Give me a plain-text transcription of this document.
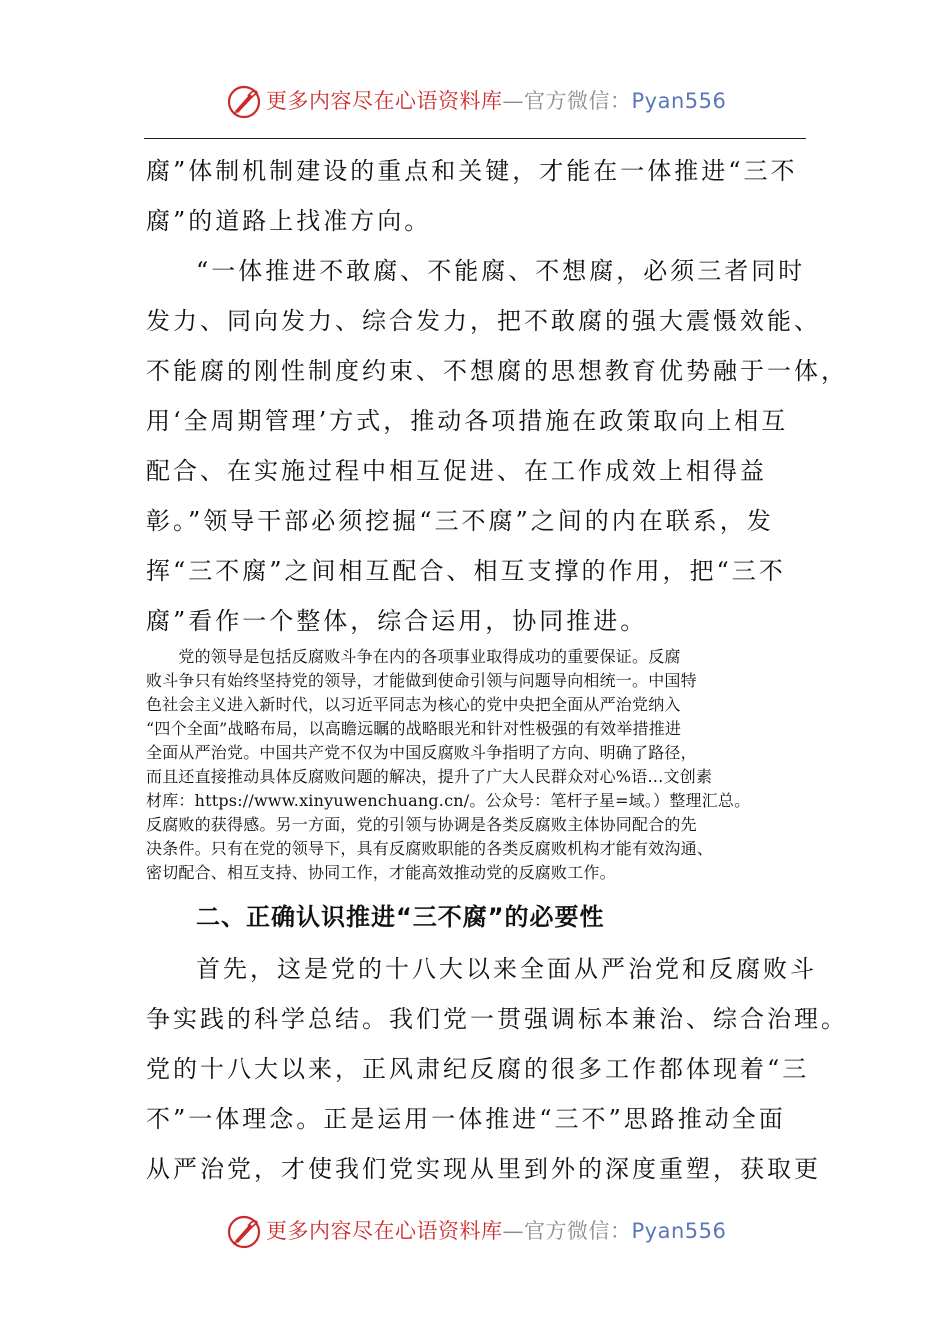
更多内容尽在心语资料库—官方微信：Pyan556
腐”体制机制建设的重点和关键，才能在一体推进“三不
腐”的道路上找准方向。
“一体推进不敢腐、不能腐、不想腐，必须三者同时
发力、同向发力、综合发力，把不敢腐的强大震慑效能、
不能腐的刚性制度约束、不想腐的思想教育优势融于一体，
用‘全周期管理’方式，推动各项措施在政策取向上相互
配合、在实施过程中相互促进、在工作成效上相得益
彰。”领导干部必须挖掘“三不腐”之间的内在联系，发
挥“三不腐”之间相互配合、相互支撑的作用，把“三不
腐”看作一个整体，综合运用，协同推进。
　　党的领导是包括反腐败斗争在内的各项事业取得成功的重要保证。反腐
败斗争只有始终坚持党的领导，才能做到使命引领与问题导向相统一。中国特
色社会主义进入新时代，以习近平同志为核心的党中央把全面从严治党纳入
“四个全面”战略布局，以高瞻远瞩的战略眼光和针对性极强的有效举措推进
全面从严治党。中国共产党不仅为中国反腐败斗争指明了方向、明确了路径，
而且还直接推动具体反腐败问题的解决，提升了广大人民群众对心%语…文创素
材库：https://www.xinyuwenchuang.cn/。公众号：笔杆子星=域。）整理汇总。
反腐败的获得感。另一方面，党的引领与协调是各类反腐败主体协同配合的先
决条件。只有在党的领导下，具有反腐败职能的各类反腐败机构才能有效沟通、
密切配合、相互支持、协同工作，才能高效推动党的反腐败工作。
二、正确认识推进“三不腐”的必要性
首先，这是党的十八大以来全面从严治党和反腐败斗
争实践的科学总结。我们党一贯强调标本兼治、综合治理。
党的十八大以来，正风肃纪反腐的很多工作都体现着“三
不”一体理念。正是运用一体推进“三不”思路推动全面
从严治党，才使我们党实现从里到外的深度重塑，获取更
更多内容尽在心语资料库—官方微信：Pyan556
